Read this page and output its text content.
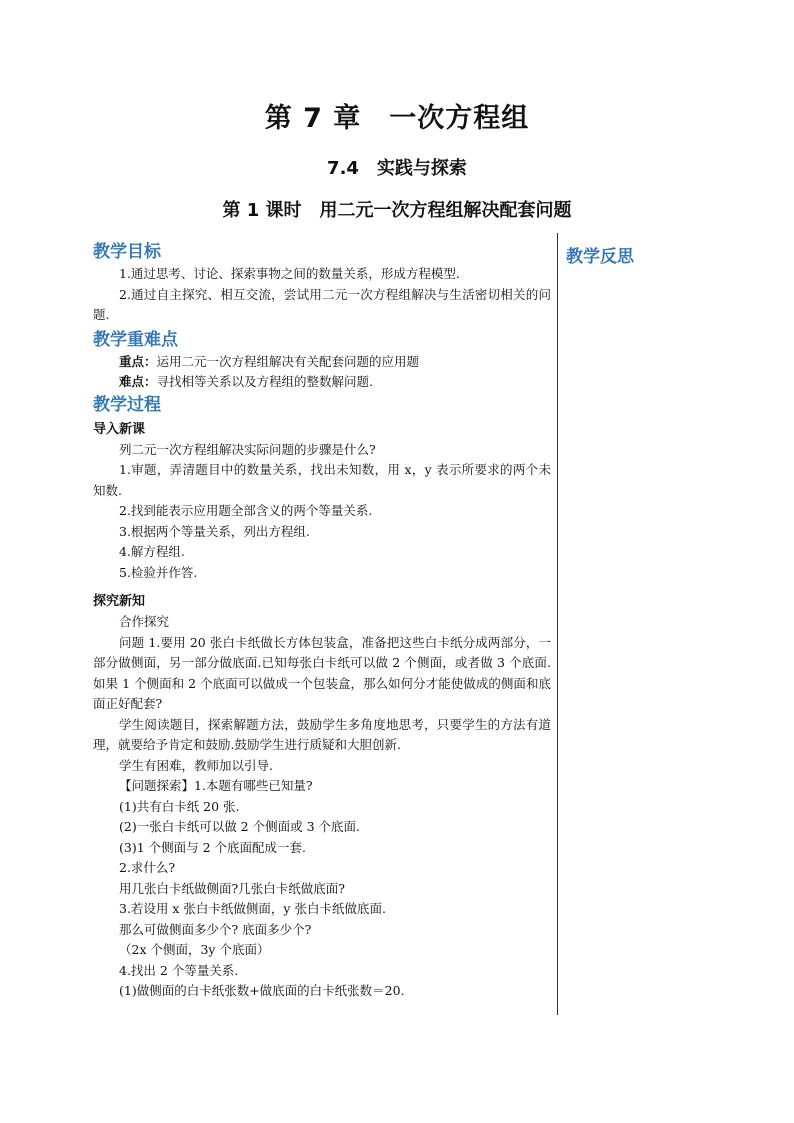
第 7 章　一次方程组
7.4　实践与探索
第 1 课时　用二元一次方程组解决配套问题
教学反思
教学目标

1.通过思考、讨论、探索事物之间的数量关系，形成方程模型.

2.通过自主探究、相互交流，尝试用二元一次方程组解决与生活密切相关的问题.

教学重难点

重点：运用二元一次方程组解决有关配套问题的应用题

难点：寻找相等关系以及方程组的整数解问题.

教学过程
导入新课

列二元一次方程组解决实际问题的步骤是什么?

1.审题，弄清题目中的数量关系，找出未知数，用 x，y 表示所要求的两个未知数.

2.找到能表示应用题全部含义的两个等量关系.

3.根据两个等量关系，列出方程组.

4.解方程组.

5.检验并作答.

探究新知

合作探究

问题 1.要用 20 张白卡纸做长方体包装盒，准备把这些白卡纸分成两部分，一部分做侧面，另一部分做底面.已知每张白卡纸可以做 2 个侧面，或者做 3 个底面.如果 1 个侧面和 2 个底面可以做成一个包装盒，那么如何分才能使做成的侧面和底面正好配套?

学生阅读题目，探索解题方法，鼓励学生多角度地思考，只要学生的方法有道理，就要给予肯定和鼓励.鼓励学生进行质疑和大胆创新.

学生有困难，教师加以引导.

【问题探索】1.本题有哪些已知量?

(1)共有白卡纸 20 张.

(2)一张白卡纸可以做 2 个侧面或 3 个底面.

(3)1 个侧面与 2 个底面配成一套.

2.求什么?

用几张白卡纸做侧面?几张白卡纸做底面?

3.若设用 x 张白卡纸做侧面，y 张白卡纸做底面.

那么可做侧面多少个? 底面多少个?

（2x 个侧面，3y 个底面）

4.找出 2 个等量关系.

(1)做侧面的白卡纸张数+做底面的白卡纸张数＝20.
